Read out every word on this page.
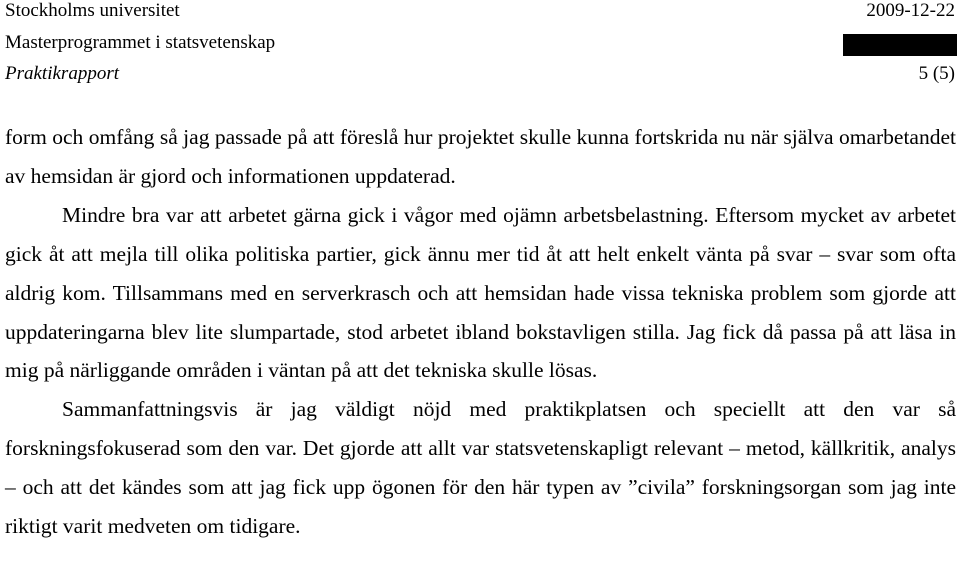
Stockholms universitet	2009-12-22
Masterprogrammet i statsvetenskap
Praktikrapport	5 (5)

form och omfång så jag passade på att föreslå hur projektet skulle kunna fortskrida nu när själva omarbetandet av hemsidan är gjord och informationen uppdaterad.

Mindre bra var att arbetet gärna gick i vågor med ojämn arbetsbelastning. Eftersom mycket av arbetet gick åt att mejla till olika politiska partier, gick ännu mer tid åt att helt enkelt vänta på svar – svar som ofta aldrig kom. Tillsammans med en serverkrasch och att hemsidan hade vissa tekniska problem som gjorde att uppdateringarna blev lite slumpartade, stod arbetet ibland bokstavligen stilla. Jag fick då passa på att läsa in mig på närliggande områden i väntan på att det tekniska skulle lösas.

Sammanfattningsvis är jag väldigt nöjd med praktikplatsen och speciellt att den var så forskningsfokuserad som den var. Det gjorde att allt var statsvetenskapligt relevant – metod, källkritik, analys – och att det kändes som att jag fick upp ögonen för den här typen av ”civila” forskningsorgan som jag inte riktigt varit medveten om tidigare.
